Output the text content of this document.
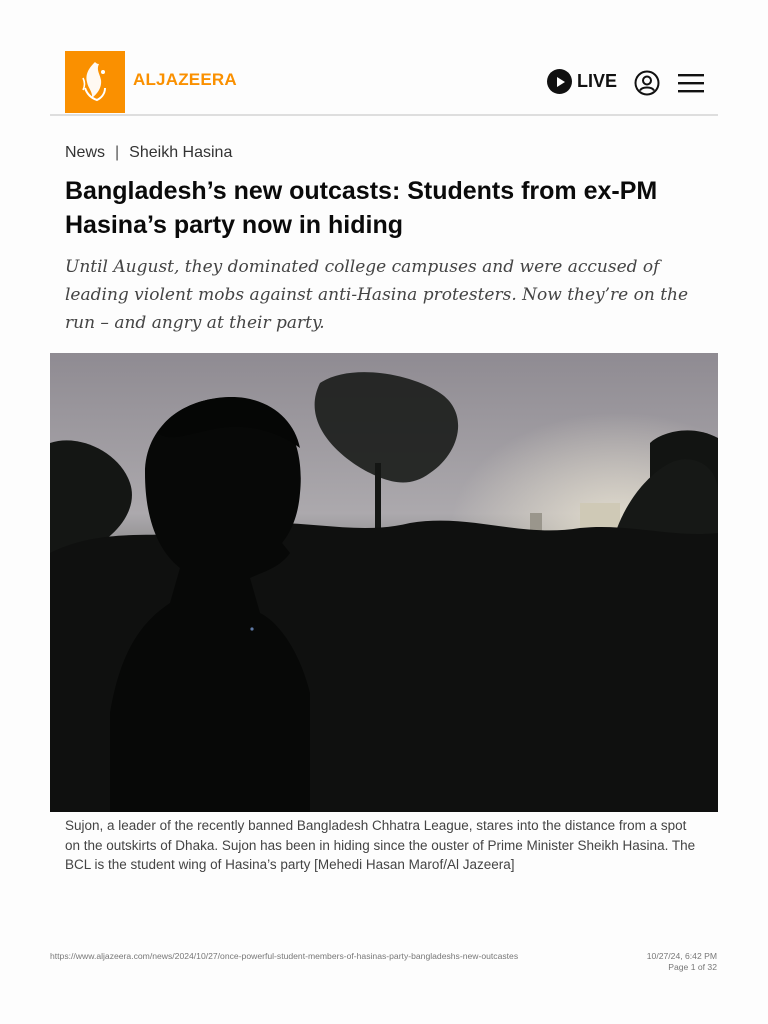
ALJAZEERA	LIVE
News | Sheikh Hasina
Bangladesh’s new outcasts: Students from ex-PM Hasina’s party now in hiding

Until August, they dominated college campuses and were accused of leading violent mobs against anti-Hasina protesters. Now they’re on the run – and angry at their party.

Sujon, a leader of the recently banned Bangladesh Chhatra League, stares into the distance from a spot on the outskirts of Dhaka. Sujon has been in hiding since the ouster of Prime Minister Sheikh Hasina. The BCL is the student wing of Hasina’s party [Mehedi Hasan Marof/Al Jazeera]
https://www.aljazeera.com/news/2024/10/27/once-powerful-student-members-of-hasinas-party-bangladeshs-new-outcastes	10/27/24, 6:42 PM
Page 1 of 32
